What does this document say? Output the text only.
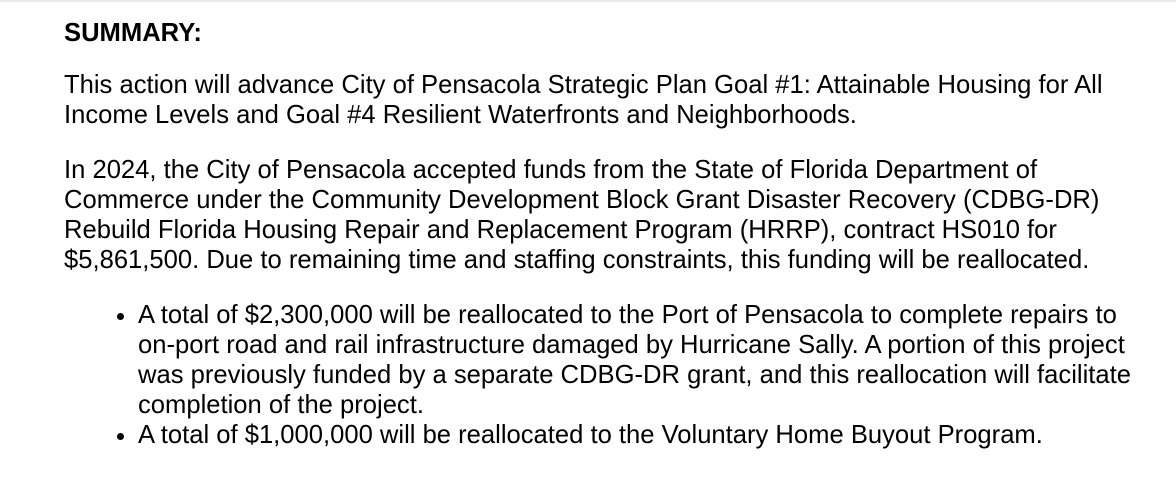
SUMMARY:

This action will advance City of Pensacola Strategic Plan Goal #1: Attainable Housing for All Income Levels and Goal #4 Resilient Waterfronts and Neighborhoods.

In 2024, the City of Pensacola accepted funds from the State of Florida Department of Commerce under the Community Development Block Grant Disaster Recovery (CDBG-DR) Rebuild Florida Housing Repair and Replacement Program (HRRP), contract HS010 for $5,861,500. Due to remaining time and staffing constraints, this funding will be reallocated.

A total of $2,300,000 will be reallocated to the Port of Pensacola to complete repairs to on-port road and rail infrastructure damaged by Hurricane Sally. A portion of this project was previously funded by a separate CDBG-DR grant, and this reallocation will facilitate completion of the project.
A total of $1,000,000 will be reallocated to the Voluntary Home Buyout Program.
